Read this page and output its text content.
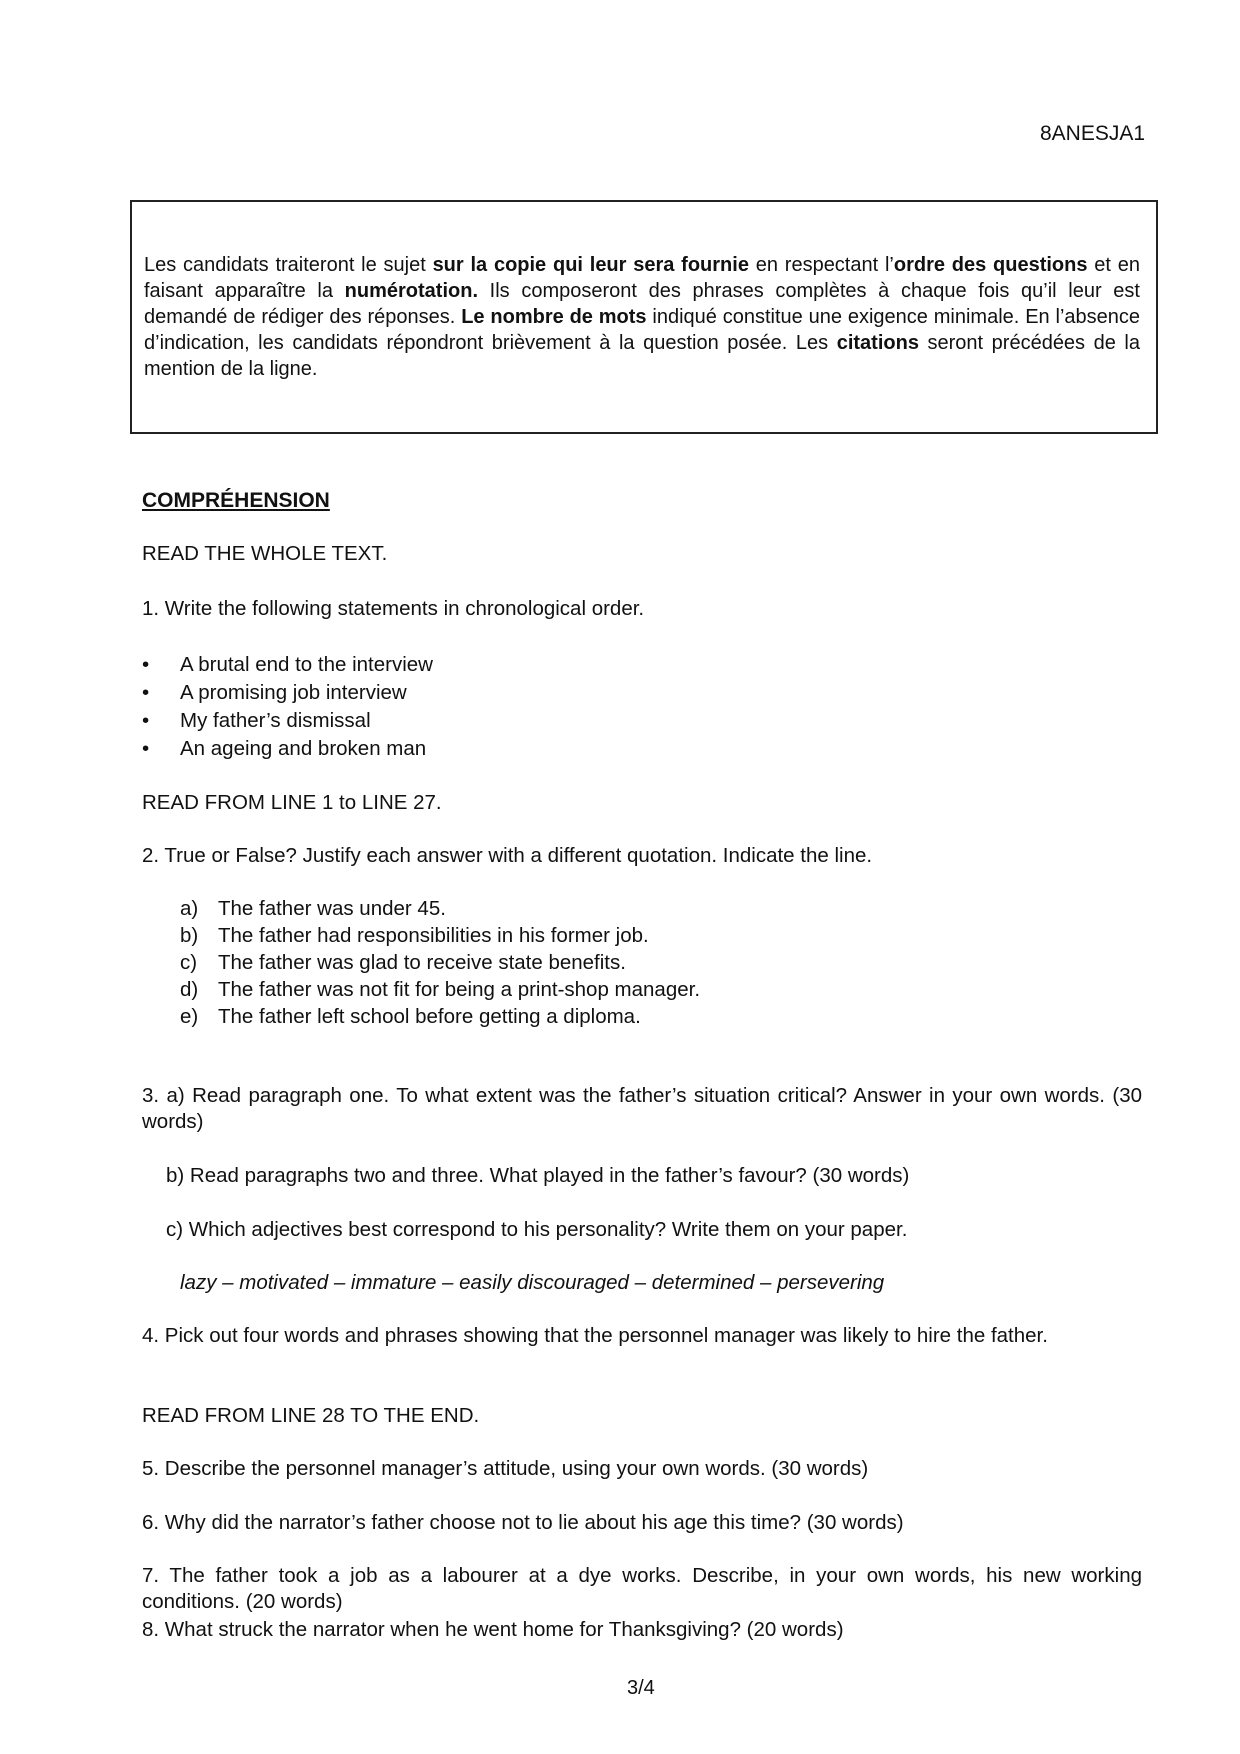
8ANESJA1
Les candidats traiteront le sujet sur la copie qui leur sera fournie en respectant l’ordre des questions et en faisant apparaître la numérotation. Ils composeront des phrases complètes à chaque fois qu’il leur est demandé de rédiger des réponses. Le nombre de mots indiqué constitue une exigence minimale. En l’absence d’indication, les candidats répondront brièvement à la question posée. Les citations seront précédées de la mention de la ligne.
COMPRÉHENSION
READ THE WHOLE TEXT.
1. Write the following statements in chronological order.
• A brutal end to the interview
• A promising job interview
• My father’s dismissal
• An ageing and broken man
READ FROM LINE 1 to LINE 27.
2. True or False? Justify each answer with a different quotation. Indicate the line.
a) The father was under 45.
b) The father had responsibilities in his former job.
c) The father was glad to receive state benefits.
d) The father was not fit for being a print-shop manager.
e) The father left school before getting a diploma.
3. a) Read paragraph one. To what extent was the father’s situation critical? Answer in your own words. (30 words)
b) Read paragraphs two and three. What played in the father’s favour? (30 words)
c) Which adjectives best correspond to his personality? Write them on your paper.
lazy – motivated – immature – easily discouraged – determined – persevering
4. Pick out four words and phrases showing that the personnel manager was likely to hire the father.
READ FROM LINE 28 TO THE END.
5. Describe the personnel manager’s attitude, using your own words. (30 words)
6. Why did the narrator’s father choose not to lie about his age this time? (30 words)
7. The father took a job as a labourer at a dye works. Describe, in your own words, his new working conditions. (20 words)
8. What struck the narrator when he went home for Thanksgiving? (20 words)
3/4
